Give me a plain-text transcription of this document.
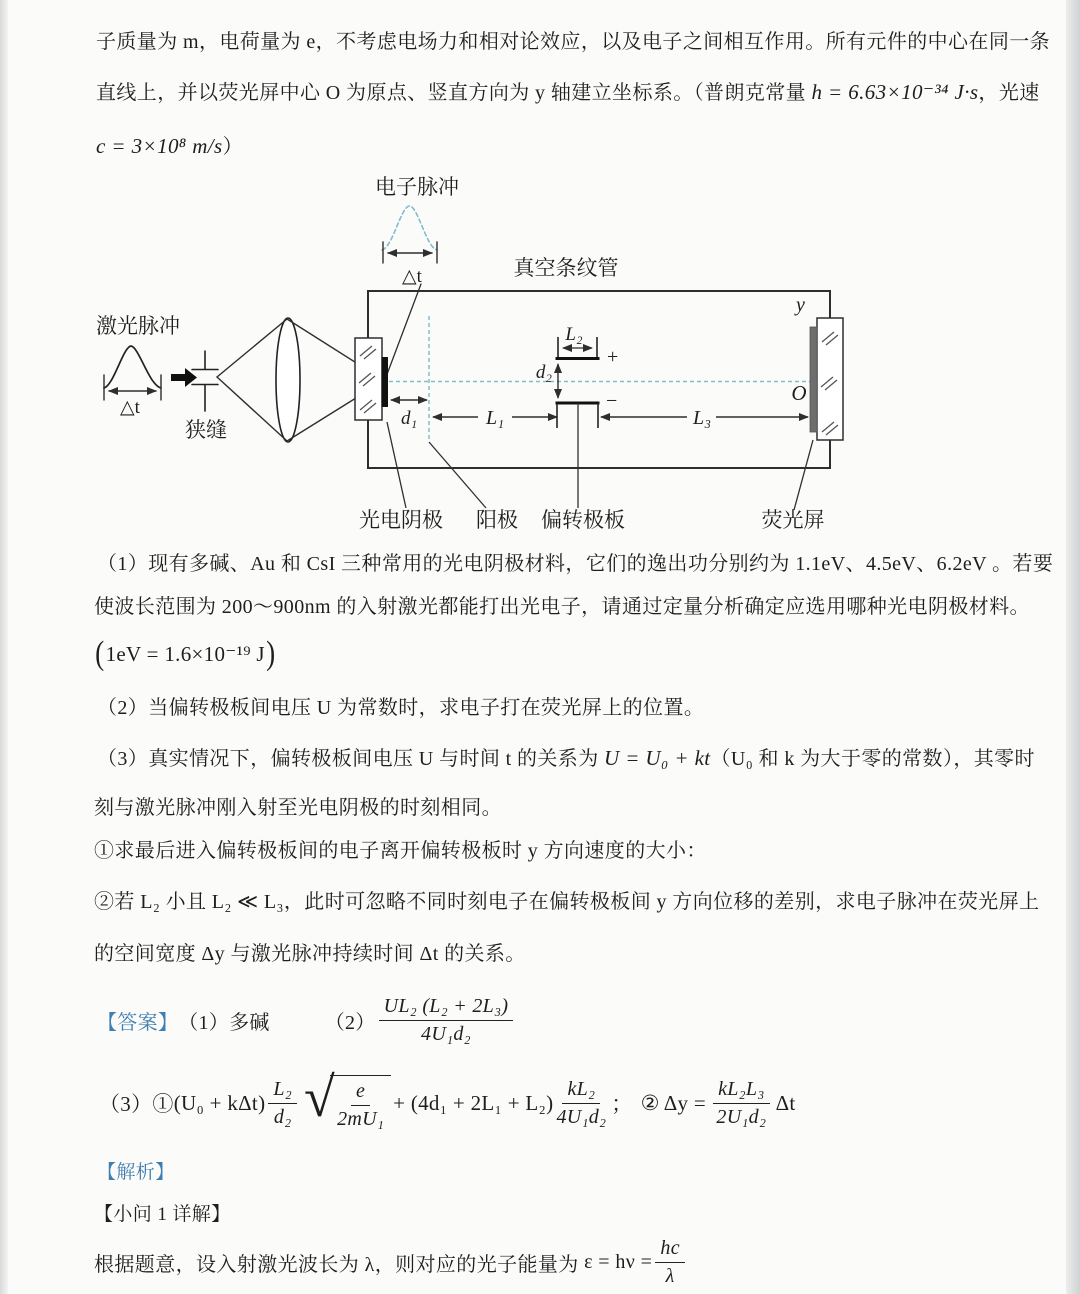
子质量为 m，电荷量为 e，不考虑电场力和相对论效应，以及电子之间相互作用。所有元件的中心在同一条
直线上，并以荧光屏中心 O 为原点、竖直方向为 y 轴建立坐标系。（普朗克常量 h = 6.63×10⁻³⁴ J·s，光速
c = 3×10⁸ m/s）
电子脉冲
△t	真空条纹管
激光脉冲
△t
狭缝	d₁	L₁
L₂
+
d₂
−
L₃
y
O
光电阴极 阳极 偏转极板	荧光屏
（1）现有多碱、Au 和 CsI 三种常用的光电阴极材料，它们的逸出功分别约为 1.1eV、4.5eV、6.2eV 。若要
使波长范围为 200～900nm 的入射激光都能打出光电子，请通过定量分析确定应选用哪种光电阴极材料。
( 1eV = 1.6×10⁻¹⁹ J )
（2）当偏转极板间电压 U 为常数时，求电子打在荧光屏上的位置。
（3）真实情况下，偏转极板间电压 U 与时间 t 的关系为 U = U₀ + kt（U₀ 和 k 为大于零的常数），其零时
刻与激光脉冲刚入射至光电阴极的时刻相同。
①求最后进入偏转极板间的电子离开偏转极板时 y 方向速度的大小：
②若 L₂ 小且 L₂ ≪ L₃，此时可忽略不同时刻电子在偏转极板间 y 方向位移的差别，求电子脉冲在荧光屏上
的空间宽度 Δy 与激光脉冲持续时间 Δt 的关系。
【答案】 （1）多碱	$(2) \frac{\text{UL₂ (L₂ + 2L₃)}}{\text{4U₁d₂}}$
（3）① $(U_0 + k\Delta t) \frac{\text{L₂}}{\text{d₂}}$ √ $\frac{e}{\text{2mU₁}} + (4d_1 + 2L_1 + L_2) \frac{\text{kL₂}}{\text{4U₁d₂}}$ ； ② $\Delta y = \frac{\text{kL₂L₃}}{\text{2U₁d₂}}$ Δt
【解析】
【小问 1 详解】
根据题意，设入射激光波长为 λ，则对应的光子能量为 $\varepsilon = h\nu = \frac{hc}{\lambda}$
